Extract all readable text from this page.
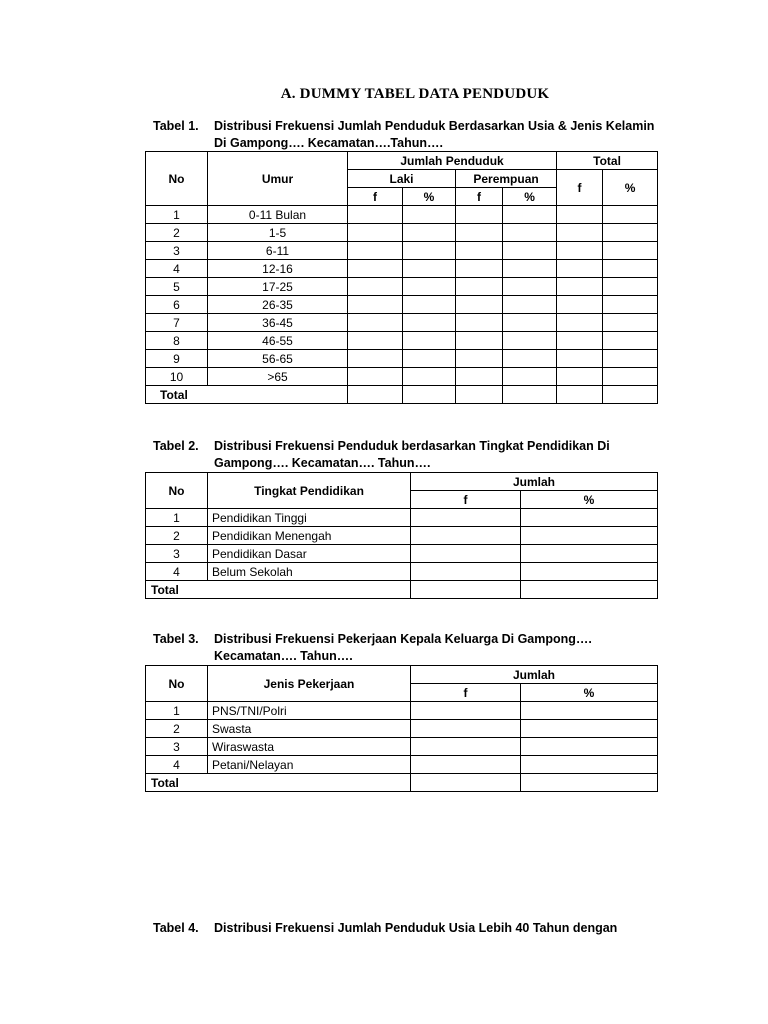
A. DUMMY TABEL DATA PENDUDUK
Tabel 1. Distribusi Frekuensi Jumlah Penduduk Berdasarkan Usia & Jenis Kelamin
Di Gampong…. Kecamatan….Tahun….
No	Umur	Jumlah Penduduk				Total	
		Laki		Perempuan		f	%
		f	%	f	%		
1	0-11 Bulan						
2	1-5						
3	6-11						
4	12-16						
5	17-25						
6	26-35						
7	36-45						
8	46-55						
9	56-65						
10	>65						
Total							
Tabel 2. Distribusi Frekuensi Penduduk berdasarkan Tingkat Pendidikan Di
Gampong…. Kecamatan…. Tahun….
No	Tingkat Pendidikan	Jumlah	
		f	%
1	Pendidikan Tinggi		
2	Pendidikan Menengah		
3	Pendidikan Dasar		
4	Belum Sekolah		
Total			
Tabel 3. Distribusi Frekuensi Pekerjaan Kepala Keluarga Di Gampong….
Kecamatan…. Tahun….
No	Jenis Pekerjaan	Jumlah	
		f	%
1	PNS/TNI/Polri		
2	Swasta		
3	Wiraswasta		
4	Petani/Nelayan		
Total			
Tabel 4. Distribusi Frekuensi Jumlah Penduduk Usia Lebih 40 Tahun dengan
